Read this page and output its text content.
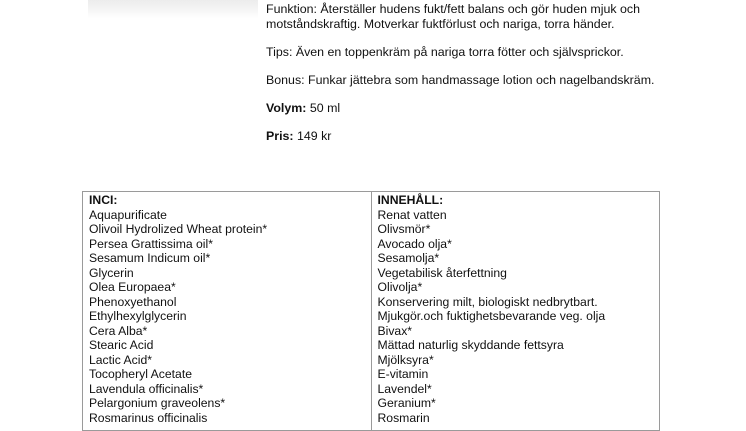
Funktion: Återställer hudens fukt/fett balans och gör huden mjuk och motståndskraftig. Motverkar fuktförlust och nariga, torra händer.

Tips: Även en toppenkräm på nariga torra fötter och självsprickor.

Bonus: Funkar jättebra som handmassage lotion och nagelbandskräm.

Volym: 50 ml

Pris: 149 kr

INCI:
Aquapurificate
Olivoil Hydrolized Wheat protein*
Persea Grattissima oil*
Sesamum Indicum oil*
Glycerin
Olea Europaea*
Phenoxyethanol
Ethylhexylglycerin
Cera Alba*
Stearic Acid
Lactic Acid*
Tocopheryl Acetate
Lavendula officinalis*
Pelargonium graveolens*
Rosmarinus officinalis
INNEHÅLL:
Renat vatten
Olivsmör*
Avocado olja*
Sesamolja*
Vegetabilisk återfettning
Olivolja*
Konservering milt, biologiskt nedbrytbart.
Mjukgör.och fuktighetsbevarande veg. olja
Bivax*
Mättad naturlig skyddande fettsyra
Mjölksyra*
E-vitamin
Lavendel*
Geranium*
Rosmarin
